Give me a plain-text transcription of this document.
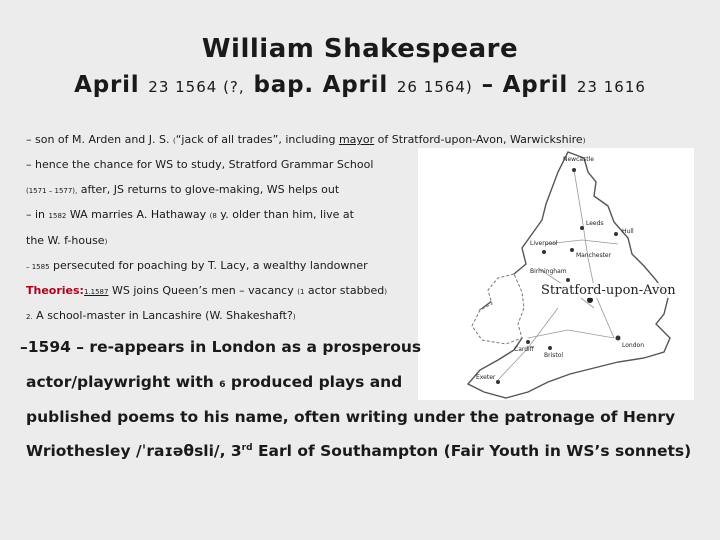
William Shakespeare
April 23 1564 (?, bap. April 26 1564) – April 23 1616
Newcastle
Leeds
Hull
Liverpool
Manchester
Birmingham
Cardiff
Bristol
London
Exeter
Stratford-upon-Avon
– son of M. Arden and J. S. (“jack of all trades”, including mayor of Stratford-upon-Avon, Warwickshire)
– hence the chance for WS to study, Stratford Grammar School
(1571 – 1577), after, JS returns to glove-making, WS helps out
– in 1582 WA marries A. Hathaway (8 y. older than him, live at
the W. f-house)
– 1585 persecuted for poaching by T. Lacy, a wealthy landowner
Theories:1.1587 WS joins Queen’s men – vacancy (1 actor stabbed)
2. A school-master in Lancashire (W. Shakeshaft?)
–1594 – re-appears in London as a prosperous
actor/playwright with 6 produced plays and
published poems to his name, often writing under the patronage of Henry
Wriothesley /ˈraɪəθsli/, 3rd Earl of Southampton (Fair Youth in WS’s sonnets)
